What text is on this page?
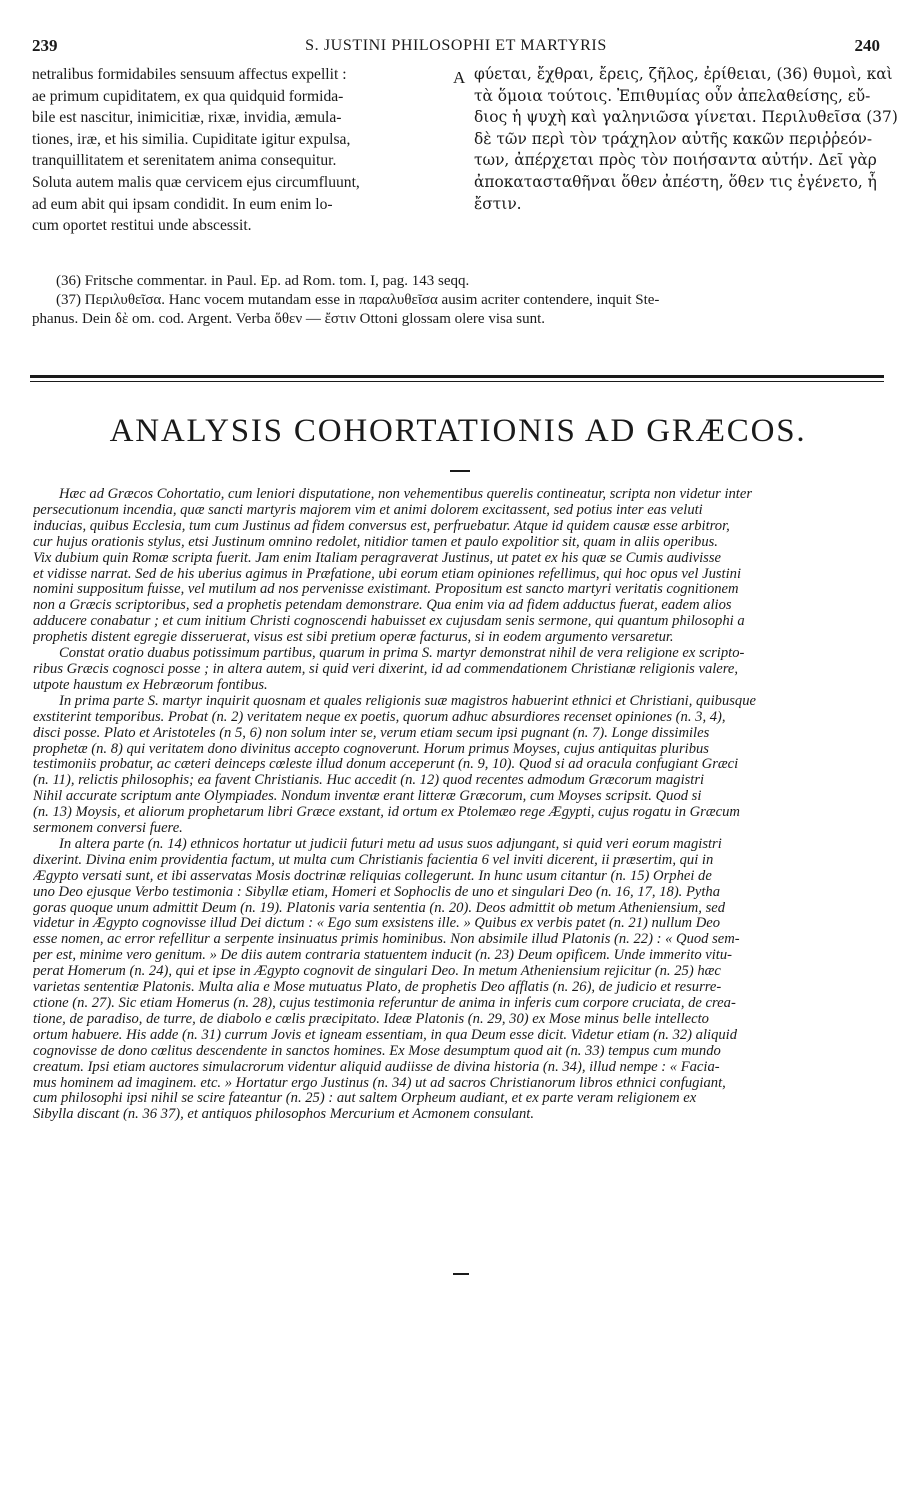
239	S. JUSTINI PHILOSOPHI ET MARTYRIS	240
netralibus formidabiles sensuum affectus expellit :
ae primum cupiditatem, ex qua quidquid formida-
bile est nascitur, inimicitiæ, rixæ, invidia, æmula-
tiones, iræ, et his similia. Cupiditate igitur expulsa,
tranquillitatem et serenitatem anima consequitur.
Soluta autem malis quæ cervicem ejus circumfluunt,
ad eum abit qui ipsam condidit. In eum enim lo-
cum oportet restitui unde abscessit.
A φύεται, ἔχθραι, ἔρεις, ζῆλος, ἐρίθειαι, (36) θυμοὶ, καὶ
τὰ ὅμοια τούτοις. Ἐπιθυμίας οὖν ἀπελαθείσης, εὔ-
διος ἡ ψυχὴ καὶ γαληνιῶσα γίνεται. Περιλυθεῖσα (37)
δὲ τῶν περὶ τὸν τράχηλον αὐτῆς κακῶν περιῤῥεόν-
των, ἀπέρχεται πρὸς τὸν ποιήσαντα αὐτήν. Δεῖ γὰρ
ἀποκατασταθῆναι ὅθεν ἀπέστη, ὅθεν τις ἐγένετο, ἧ
ἔστιν.
(36) Fritsche commentar. in Paul. Ep. ad Rom. tom. I, pag. 143 seqq.
(37) Περιλυθεῖσα. Hanc vocem mutandam esse in παραλυθεῖσα ausim acriter contendere, inquit Ste-
phanus. Dein δὲ om. cod. Argent. Verba ὅθεν — ἔστιν Ottoni glossam olere visa sunt.
ANALYSIS COHORTATIONIS AD GRÆCOS.
Hæc ad Græcos Cohortatio, cum leniori disputatione, non vehementibus querelis contineatur, scripta non videtur inter
persecutionum incendia, quæ sancti martyris majorem vim et animi dolorem excitassent, sed potius inter eas veluti
inducias, quibus Ecclesia, tum cum Justinus ad fidem conversus est, perfruebatur. Atque id quidem causæ esse arbitror,
cur hujus orationis stylus, etsi Justinum omnino redolet, nitidior tamen et paulo expolitior sit, quam in aliis operibus.
Vix dubium quin Romæ scripta fuerit. Jam enim Italiam peragraverat Justinus, ut patet ex his quæ se Cumis audivisse
et vidisse narrat. Sed de his uberius agimus in Præfatione, ubi eorum etiam opiniones refellimus, qui hoc opus vel Justini
nomini suppositum fuisse, vel mutilum ad nos pervenisse existimant. Propositum est sancto martyri veritatis cognitionem
non a Græcis scriptoribus, sed a prophetis petendam demonstrare. Qua enim via ad fidem adductus fuerat, eadem alios
adducere conabatur ; et cum initium Christi cognoscendi habuisset ex cujusdam senis sermone, qui quantum philosophi a
prophetis distent egregie disseruerat, visus est sibi pretium operæ facturus, si in eodem argumento versaretur.
Constat oratio duabus potissimum partibus, quarum in prima S. martyr demonstrat nihil de vera religione ex scripto-
ribus Græcis cognosci posse ; in altera autem, si quid veri dixerint, id ad commendationem Christianæ religionis valere,
utpote haustum ex Hebræorum fontibus.
In prima parte S. martyr inquirit quosnam et quales religionis suæ magistros habuerint ethnici et Christiani, quibusque
exstiterint temporibus. Probat (n. 2) veritatem neque ex poetis, quorum adhuc absurdiores recenset opiniones (n. 3, 4),
disci posse. Plato et Aristoteles (n 5, 6) non solum inter se, verum etiam secum ipsi pugnant (n. 7). Longe dissimiles
prophetæ (n. 8) qui veritatem dono divinitus accepto cognoverunt. Horum primus Moyses, cujus antiquitas pluribus
testimoniis probatur, ac cæteri deinceps cœleste illud donum acceperunt (n. 9, 10). Quod si ad oracula confugiant Græci
(n. 11), relictis philosophis; ea favent Christianis. Huc accedit (n. 12) quod recentes admodum Græcorum magistri
Nihil accurate scriptum ante Olympiades. Nondum inventæ erant litteræ Græcorum, cum Moyses scripsit. Quod si
(n. 13) Moysis, et aliorum prophetarum libri Græce exstant, id ortum ex Ptolemæo rege Ægypti, cujus rogatu in Græcum
sermonem conversi fuere.
In altera parte (n. 14) ethnicos hortatur ut judicii futuri metu ad usus suos adjungant, si quid veri eorum magistri
dixerint. Divina enim providentia factum, ut multa cum Christianis facientia 6 vel inviti dicerent, ii præsertim, qui in
Ægypto versati sunt, et ibi asservatas Mosis doctrinæ reliquias collegerunt. In hunc usum citantur (n. 15) Orphei de
uno Deo ejusque Verbo testimonia : Sibyllæ etiam, Homeri et Sophoclis de uno et singulari Deo (n. 16, 17, 18). Pytha
goras quoque unum admittit Deum (n. 19). Platonis varia sententia (n. 20). Deos admittit ob metum Atheniensium, sed
videtur in Ægypto cognovisse illud Dei dictum : « Ego sum exsistens ille. » Quibus ex verbis patet (n. 21) nullum Deo
esse nomen, ac error refellitur a serpente insinuatus primis hominibus. Non absimile illud Platonis (n. 22) : « Quod sem-
per est, minime vero genitum. » De diis autem contraria statuentem inducit (n. 23) Deum opificem. Unde immerito vitu-
perat Homerum (n. 24), qui et ipse in Ægypto cognovit de singulari Deo. In metum Atheniensium rejicitur (n. 25) hæc
varietas sententiæ Platonis. Multa alia e Mose mutuatus Plato, de prophetis Deo afflatis (n. 26), de judicio et resurre-
ctione (n. 27). Sic etiam Homerus (n. 28), cujus testimonia referuntur de anima in inferis cum corpore cruciata, de crea-
tione, de paradiso, de turre, de diabolo e cœlis præcipitato. Ideæ Platonis (n. 29, 30) ex Mose minus belle intellecto
ortum habuere. His adde (n. 31) currum Jovis et igneam essentiam, in qua Deum esse dicit. Videtur etiam (n. 32) aliquid
cognovisse de dono cœlitus descendente in sanctos homines. Ex Mose desumptum quod ait (n. 33) tempus cum mundo
creatum. Ipsi etiam auctores simulacrorum videntur aliquid audiisse de divina historia (n. 34), illud nempe : « Facia-
mus hominem ad imaginem. etc. » Hortatur ergo Justinus (n. 34) ut ad sacros Christianorum libros ethnici confugiant,
cum philosophi ipsi nihil se scire fateantur (n. 25) : aut saltem Orpheum audiant, et ex parte veram religionem ex
Sibylla discant (n. 36 37), et antiquos philosophos Mercurium et Acmonem consulant.
